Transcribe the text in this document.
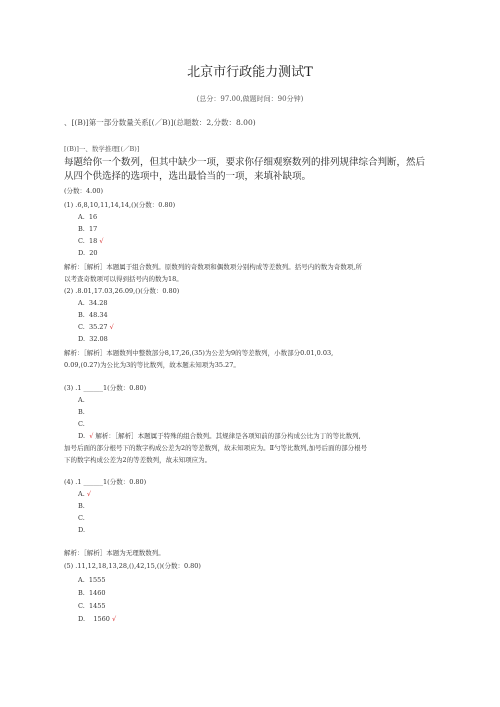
北京市行政能力测试T
(总分：97.00,做题时间：90分钟)
、[(B)]第一部分数量关系[(／B)](总题数：2,分数：8.00)
[(B)]一、数学推理[(／B)]
每题给你一个数列，但其中缺少一项，要求你仔细观察数列的排列规律综合判断，然后
从四个供选择的选项中，选出最恰当的一项，来填补缺项。
(分数：4.00)
(1) .6,8,10,11,14,14,()(分数：0.80)
A. 16
B. 17
C. 18 √
D. 20
解析：［解析］本题属于组合数列。原数列的奇数项和偶数项分别构成等差数列。括号内的数为奇数项,所
以考查奇数项可以得到括号内的数为18。
(2) .8.01,17.03,26.09,()(分数：0.80)
A. 34.28
B. 48.34
C. 35.27 √
D. 32.08
解析：［解析］本题数列中整数部分8,17,26,(35)为公差为9的等差数列，小数部分0.01,0.03,
0.09,(0.27)为公比为3的等比数列，故本题未知项为35.27。
(3) .1 ______1(分数：0.80)
A.
B.
C.
D. √ 解析：［解析］本题属于特殊的组合数列。其规律是各项知前的部分构成公比为丁的等比数列,
加号后面的部分根号下的数字构成公差为2的等差数列，故未知项应为。Ⅱ勺等比数列,加号后面的部分根号
下的数字构成公差为2的等差数列，故未知项应为。
(4) .1 ______1(分数：0.80)
A. √
B.
C.
D.
解析：［解析］本题为无理数数列。
(5) .11,12,18,13,28,(),42,15,()(分数：0.80)
A. 1555
B. 1460
C. 1455
D. 1560 √
